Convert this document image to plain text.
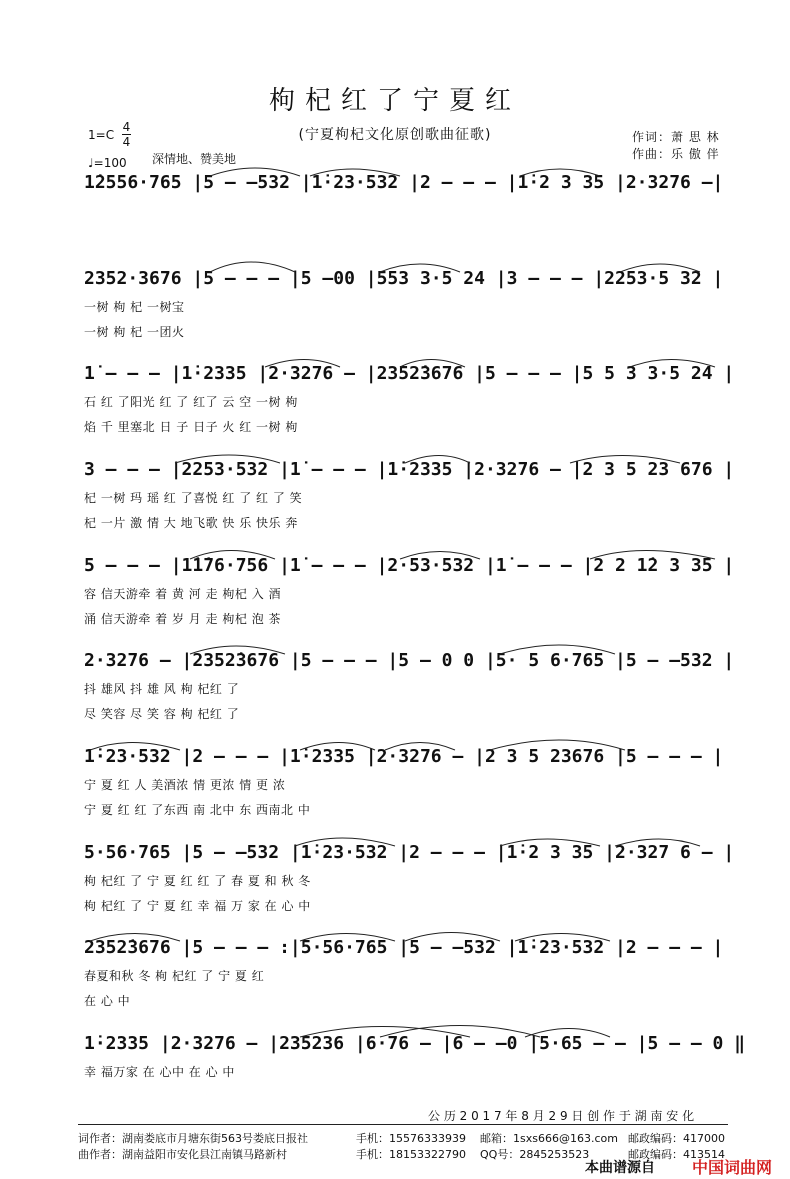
枸杞红了宁夏红
(宁夏枸杞文化原创歌曲征歌)	作词：萧 思 林
作曲：乐 傲 伴
1=C
4
4
♩=100 深情地、赞美地
1̇2556·765 |5 – –532 |1̇·23·532 |2 – – – |1̇·2 3 35 |2·3276 –|
2352·3676 |5 – – – |5 –00 |553 3·5 24 |3 – – – |2253·5 32 |
一树 枸 杞 一树宝
一树 枸 杞 一团火
1̇ – – – |1̇·2335 |2·3276 – |2352̇3676 |5 – – – |5 5 3 3·5 24 |
石 红 了阳光 红 了 红了 云 空 一树 枸
焰 千 里塞北 日 子 日子 火 红 一树 枸
3 – – – |2253·532 |1̇ – – – |1̇·2335 |2·3276 – |2 3 5 23 676 |
杞 一树 玛 瑶 红 了喜悦 红 了 红 了 笑
杞 一片 激 情 大 地飞歌 快 乐 快乐 奔
5 – – – |1̇1̇76·756 |1̇ – – – |2·53·532 |1̇ – – – |2 2 1̇2 3 35 |
容 信天游牵 着 黄 河 走 枸杞 入 酒
涌 信天游牵 着 岁 月 走 枸杞 泡 茶
2·3276 – |2352̇3676 |5 – – – |5 – 0 0 |5· 5 6·765 |5 – –532 |
抖 雄风 抖 雄 风 枸 杞红 了
尽 笑容 尽 笑 容 枸 杞红 了
1̇·23·532 |2 – – – |1̇·2335 |2·3276 – |2 3 5 23676 |5 – – – |
宁 夏 红 人 美酒浓 情 更浓 情 更 浓
宁 夏 红 红 了东西 南 北中 东 西南北 中
5·56·765 |5 – –532 |1̇·23·532 |2 – – – |1̇·2 3 35 |2·327 6 – |
枸 杞红 了 宁 夏 红 红 了 春 夏 和 秋 冬
枸 杞红 了 宁 夏 红 幸 福 万 家 在 心 中
2352̇3676 |5 – – – :|5·56·765 |5 – –532 |1̇·23·532 |2 – – – |
春夏和秋 冬 枸 杞红 了 宁 夏 红
在 心 中
1̇·2335 |2·3276 – |235236 |6·76 – |6 – –0 |5·65 – – |5 – – 0 ‖
幸 福万家 在 心中 在 心 中
公 历 2 0 1 7 年 8 月 2 9 日 创 作 于 湖 南 安 化
词作者：湖南娄底市月塘东街563号娄底日报社	手机：15576333939 邮箱：1sxs666@163.com 邮政编码：417000
曲作者：湖南益阳市安化县江南镇马路新村	手机：18153322790 QQ号：2845253523	邮政编码：413514
本曲谱源自 中国词曲网
